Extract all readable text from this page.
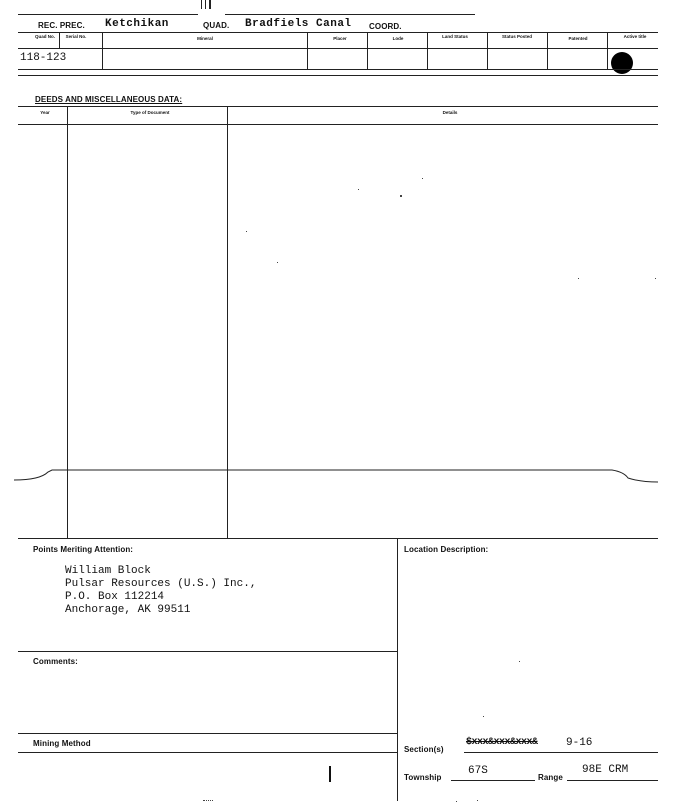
REC. PREC. Ketchikan	QUAD. Bradfiels Canal COORD.
Quad No.	Serial No.	Mineral	Placer	Lode	Land Status	Status Posted	Patented	Active title
118-123
DEEDS AND MISCELLANEOUS DATA:
Year	Type of Document	Details
Points Meriting Attention:
William Block
Pulsar Resources (U.S.) Inc.,
P.O. Box 112214
Anchorage, AK 99511
Location Description:
Comments:
Mining Method
Section(s)
$xxx&xxx&xxx&	9-16
Township
67S
Range
98E CRM
